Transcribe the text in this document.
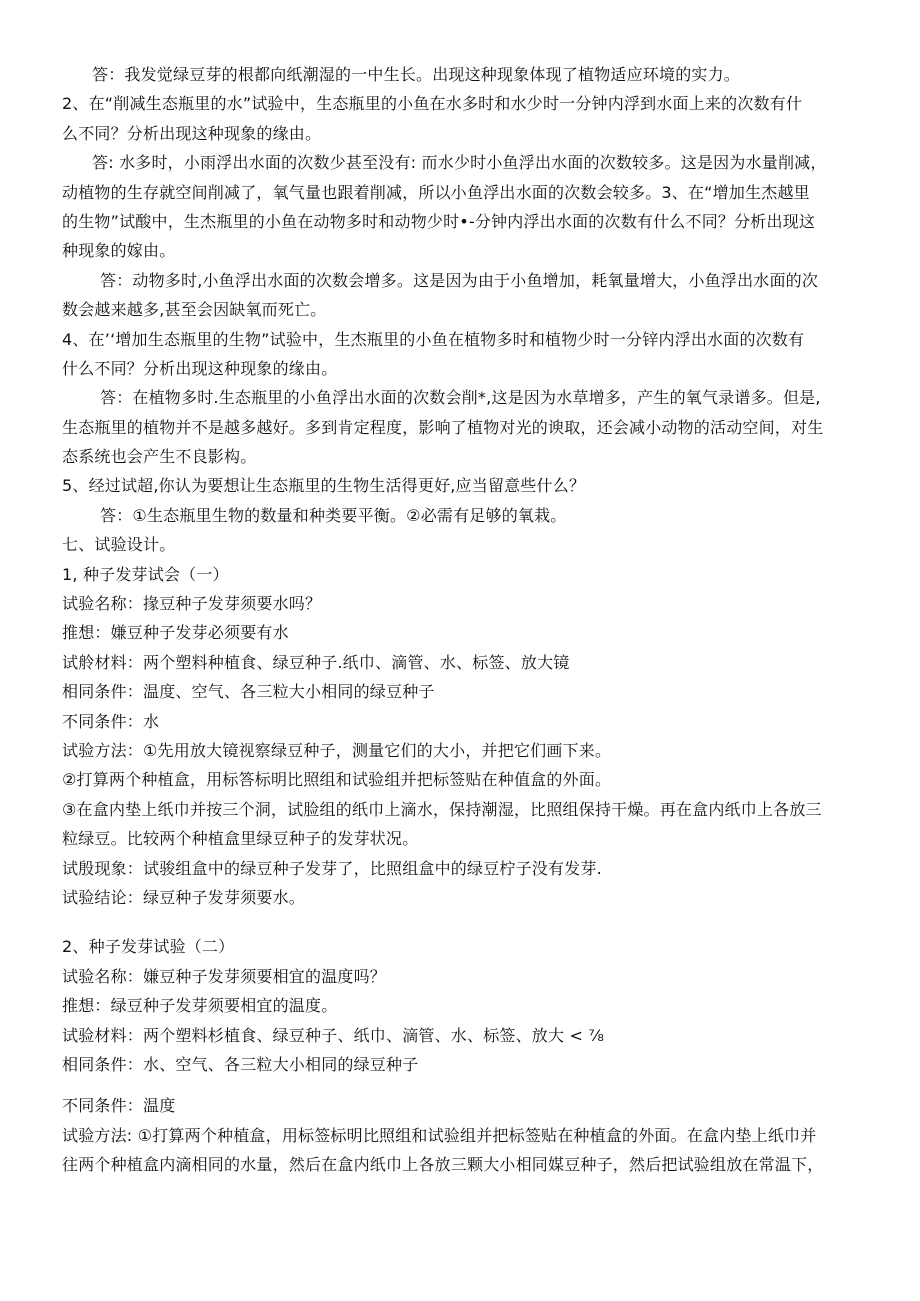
答：我发觉绿豆芽的根都向纸潮湿的一中生长。出现这种现象体现了植物适应环境的实力。
2、在“削减生态瓶里的水”试验中，生态瓶里的小鱼在水多时和水少时一分钟内浮到水面上来的次数有什
么不同？分析出现这种现象的缘由。
答: 水多时，小雨浮出水面的次数少甚至没有: 而水少时小鱼浮出水面的次数较多。这是因为水量削减，
动植物的生存就空间削减了，氧气量也跟着削减，所以小鱼浮出水面的次数会较多。3、在“增加生杰越里
的生物”试酸中，生杰瓶里的小鱼在动物多时和动物少时•-分钟内浮出水面的次数有什么不同？分析出现这
种现象的嫁由。
答：动物多时,小鱼浮出水面的次数会增多。这是因为由于小鱼增加，耗氧量增大，小鱼浮出水面的次
数会越来越多,甚至会因缺氧而死亡。
4、在’‘增加生态瓶里的生物”试验中，生杰瓶里的小鱼在植物多时和植物少时一分锌内浮出水面的次数有
什么不同？分析出现这种现象的缘由。
答：在植物多时.生态瓶里的小鱼浮出水面的次数会削*,这是因为水草增多，产生的氧气录谱多。但是,
生态瓶里的植物并不是越多越好。多到肯定程度，影响了植物对光的谀取，还会减小动物的活动空间，对生
态系统也会产生不良影构。
5、经过试超,你认为要想让生态瓶里的生物生活得更好,应当留意些什么？
答：①生态瓶里生物的数量和种类要平衡。②必需有足够的氧栽。
七、试验设计。
1, 种子发芽试会（一）
试验名称：掾豆种子发芽须要水吗？
推想：嫌豆种子发芽必须要有水
试舲材料：两个塑料种植食、绿豆种子.纸巾、滴管、水、标签、放大镜
相同条件：温度、空气、各三粒大小相同的绿豆种子
不同条件：水
试验方法：①先用放大镜视察绿豆种子，测量它们的大小，并把它们画下来。
②打算两个种植盒，用标答标明比照组和试验组并把标签贴在种值盒的外面。
③在盒内垫上纸巾并按三个洞，试脸组的纸巾上滴水，保持潮湿，比照组保持干燥。再在盒内纸巾上各放三
粒绿豆。比较两个种植盒里绿豆种子的发芽状况。
试殷现象：试骏组盒中的绿豆种子发芽了，比照组盒中的绿豆柠子没有发芽.
试验结论：绿豆种子发芽须要水。
2、种子发芽试验（二）
试验名称：嫌豆种子发芽须要相宜的温度吗？
推想：绿豆种子发芽须要相宜的温度。
试验材料：两个塑料杉植食、绿豆种子、纸巾、滴管、水、标签、放大 < ⅞
相同条件：水、空气、各三粒大小相同的绿豆种子
不同条件：温度
试验方法: ①打算两个种植盒，用标签标明比照组和试验组并把标签贴在种植盒的外面。在盒内垫上纸巾并
往两个种植盒内滴相同的水量，然后在盒内纸巾上各放三颗大小相同媒豆种子，然后把试验组放在常温下，
